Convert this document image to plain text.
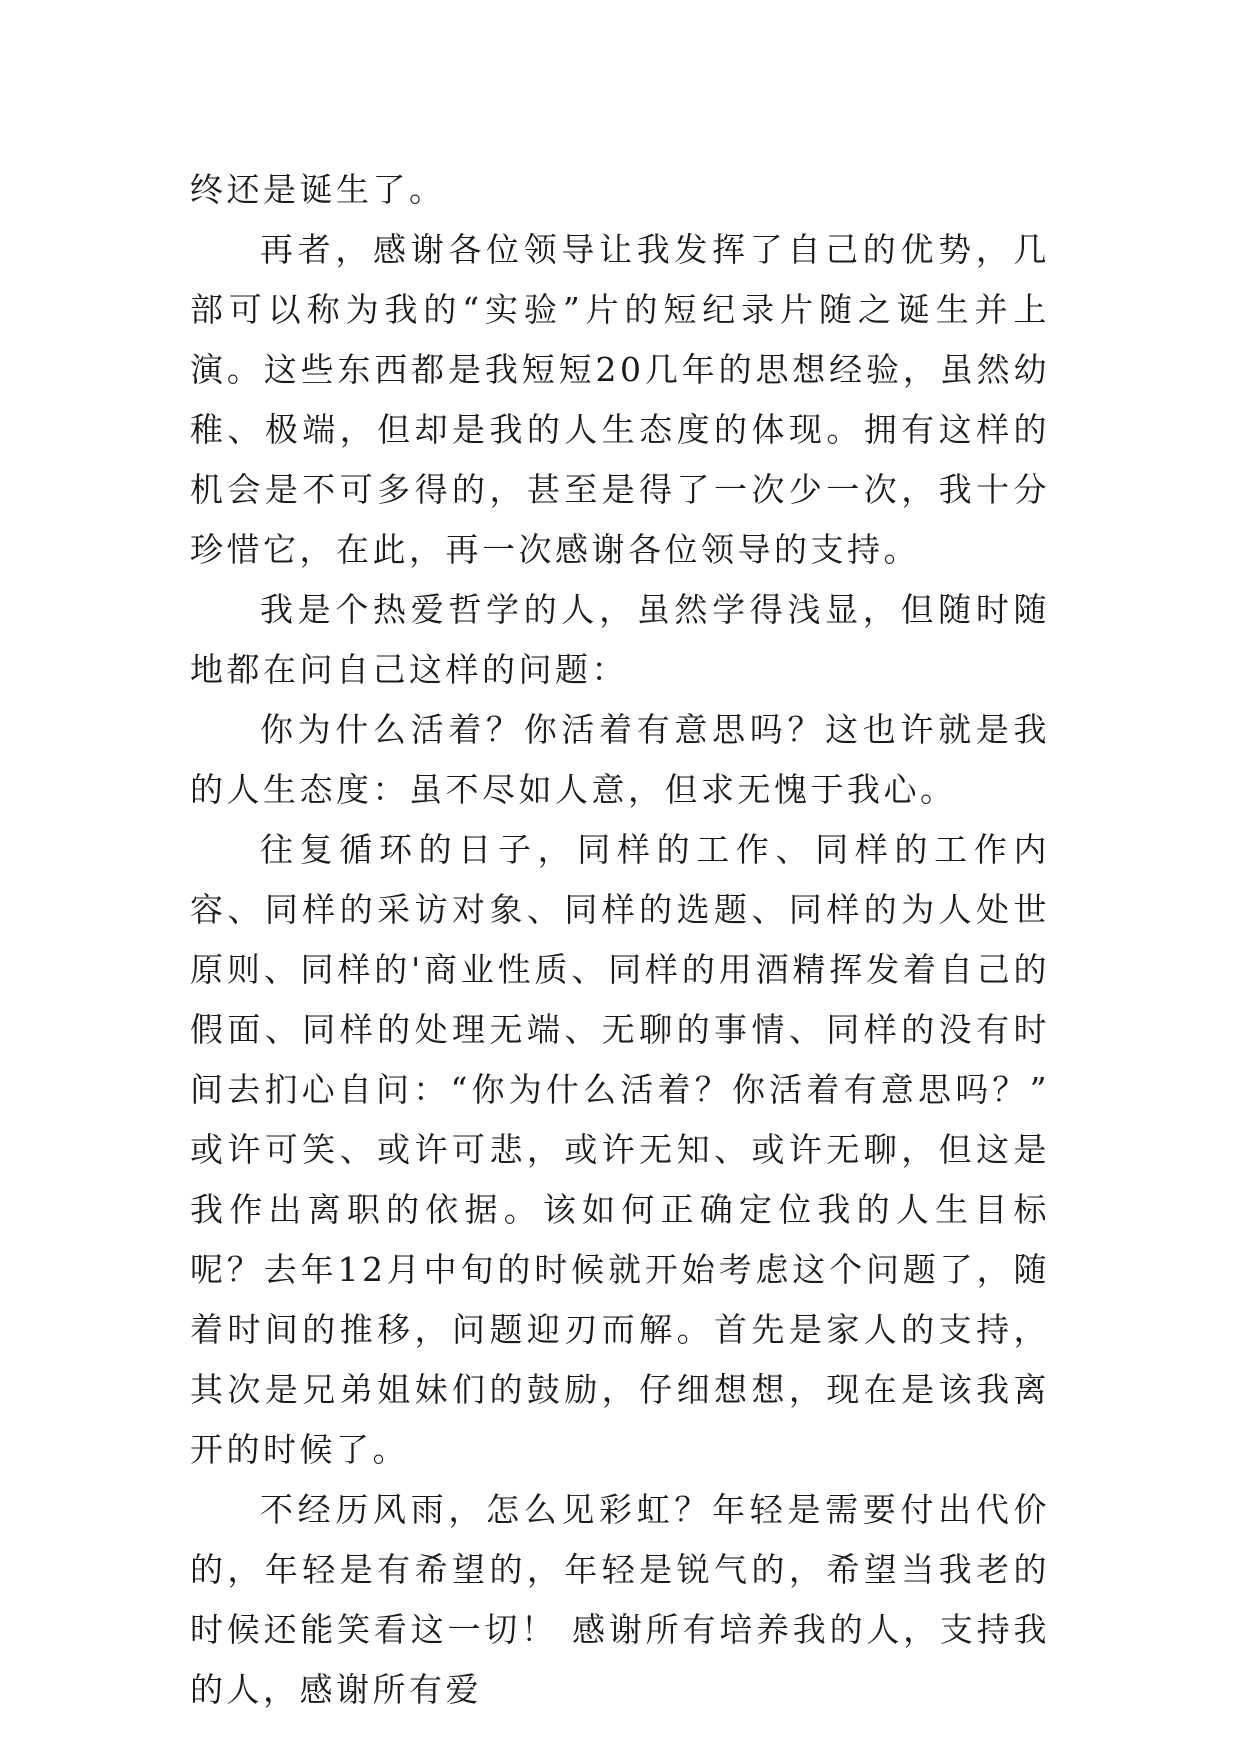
终还是诞生了。

再者，感谢各位领导让我发挥了自己的优势，几部可以称为我的“实验”片的短纪录片随之诞生并上演。这些东西都是我短短20几年的思想经验，虽然幼稚、极端，但却是我的人生态度的体现。拥有这样的机会是不可多得的，甚至是得了一次少一次，我十分珍惜它，在此，再一次感谢各位领导的支持。

我是个热爱哲学的人，虽然学得浅显，但随时随地都在问自己这样的问题：

你为什么活着？你活着有意思吗？这也许就是我的人生态度：虽不尽如人意，但求无愧于我心。

往复循环的日子，同样的工作、同样的工作内容、同样的采访对象、同样的选题、同样的为人处世原则、同样的'商业性质、同样的用酒精挥发着自己的假面、同样的处理无端、无聊的事情、同样的没有时间去扪心自问：“你为什么活着？你活着有意思吗？” 或许可笑、或许可悲，或许无知、或许无聊，但这是我作出离职的依据。该如何正确定位我的人生目标呢？去年12月中旬的时候就开始考虑这个问题了，随着时间的推移，问题迎刃而解。首先是家人的支持，其次是兄弟姐妹们的鼓励，仔细想想，现在是该我离开的时候了。

不经历风雨，怎么见彩虹？年轻是需要付出代价的，年轻是有希望的，年轻是锐气的，希望当我老的时候还能笑看这一切！ 感谢所有培养我的人，支持我的人，感谢所有爱
